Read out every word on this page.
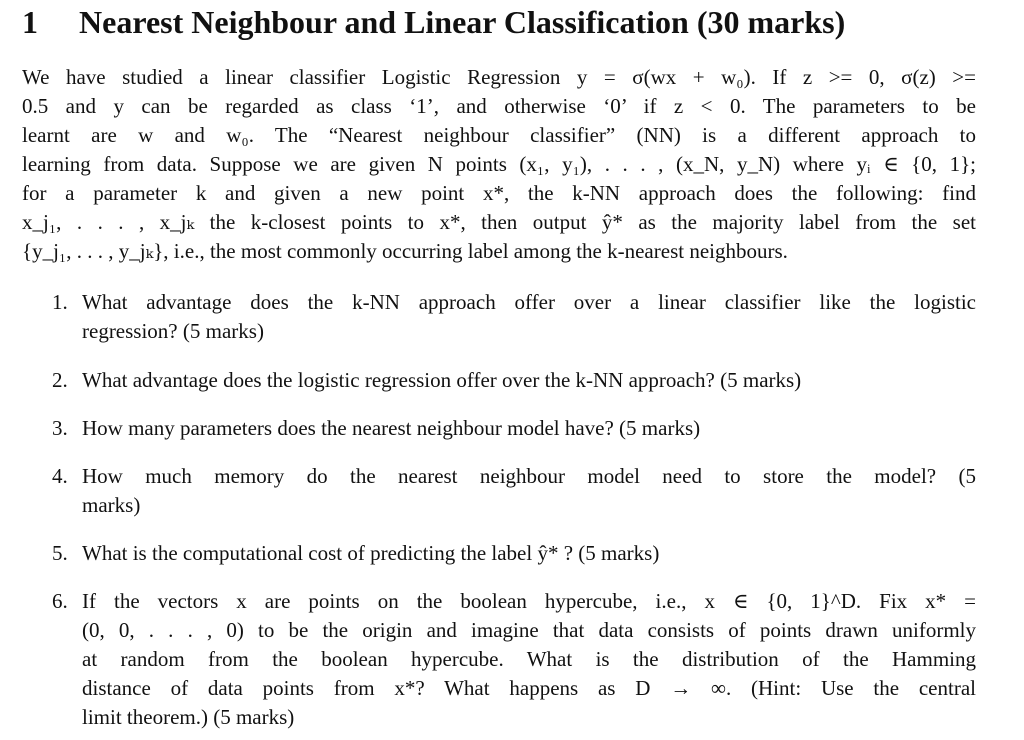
1 Nearest Neighbour and Linear Classification (30 marks)
We have studied a linear classifier Logistic Regression y = σ(wx + w₀). If z >= 0, σ(z) >=
0.5 and y can be regarded as class ‘1’, and otherwise ‘0’ if z < 0. The parameters to be
learnt are w and w₀. The “Nearest neighbour classifier” (NN) is a different approach to
learning from data. Suppose we are given N points (x₁, y₁), . . . , (x_N, y_N) where yᵢ ∈ {0, 1};
for a parameter k and given a new point x*, the k-NN approach does the following: find
x_j₁, . . . , x_jₖ the k-closest points to x*, then output ŷ* as the majority label from the set
{y_j₁, . . . , y_jₖ}, i.e., the most commonly occurring label among the k-nearest neighbours.
1. What advantage does the k-NN approach offer over a linear classifier like the logistic
regression? (5 marks)
2. What advantage does the logistic regression offer over the k-NN approach? (5 marks)
3. How many parameters does the nearest neighbour model have? (5 marks)
4. How much memory do the nearest neighbour model need to store the model? (5
marks)
5. What is the computational cost of predicting the label ŷ* ? (5 marks)
6. If the vectors x are points on the boolean hypercube, i.e., x ∈ {0, 1}^D. Fix x* =
(0, 0, . . . , 0) to be the origin and imagine that data consists of points drawn uniformly
at random from the boolean hypercube. What is the distribution of the Hamming
distance of data points from x*? What happens as D → ∞. (Hint: Use the central
limit theorem.) (5 marks)
